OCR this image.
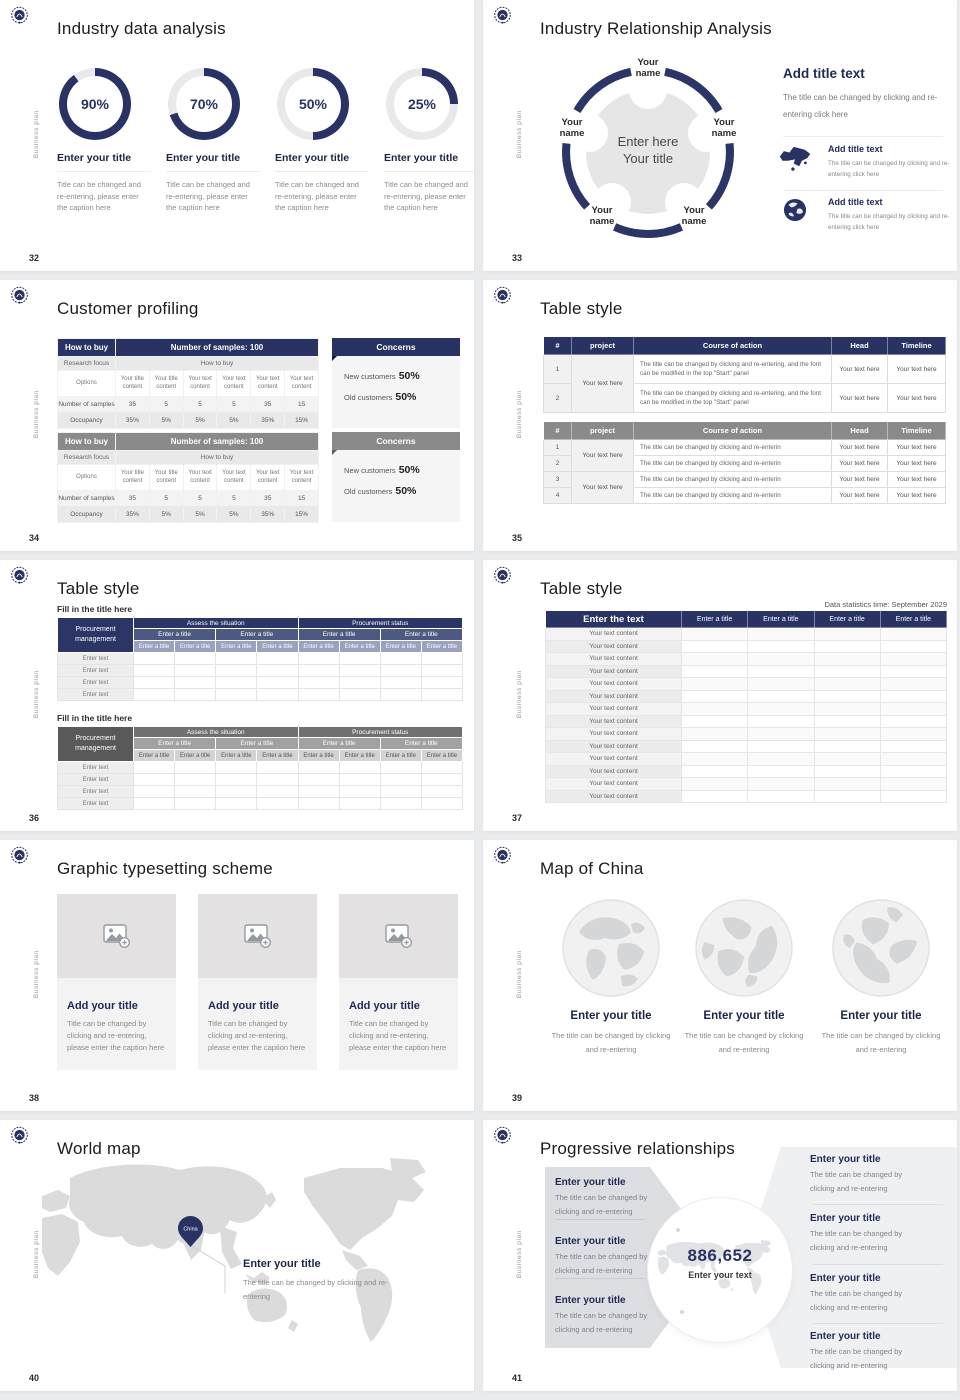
Business plan
Industry data analysis
90%
Enter your title
Title can be changed and re-entering, please enter the caption here
70%
Enter your title
Title can be changed and re-entering, please enter the caption here
50%
Enter your title
Title can be changed and re-entering, please enter the caption here
25%
Enter your title
Title can be changed and re-entering, please enter the caption here
32
Business plan
Industry Relationship Analysis
Enter here
Your title
Your
name
Your
name
Your
name
Your
name
Your
name
Add title text
The title can be changed by clicking and re-entering click here
Add title text
The title can be changed by clicking and re-entering click here
Add title text
The title can be changed by clicking and re-entering click here
33
Business plan
Customer profiling
How to buy	Number of samples: 100					
Research focus	How to buy					
Options	Your title content	Your title content	Your text content	Your text content	Your text content	Your text content
Number of samples	35	5	5	5	35	15
Occupancy	35%	5%	5%	5%	35%	15%
Concerns
New customers 50%
Old customers 50%
How to buy	Number of samples: 100					
Research focus	How to buy					
Options	Your title content	Your title content	Your text content	Your text content	Your text content	Your text content
Number of samples	35	5	5	5	35	15
Occupancy	35%	5%	5%	5%	35%	15%
Concerns
New customers 50%
Old customers 50%
34
Business plan
Table style
#	project	Course of action	Head	Timeline
1	Your text here	The title can be changed by clicking and re-entering, and the font can be modified in the top "Start" panel	Your text here	Your text here
2		The title can be changed by clicking and re-entering, and the font can be modified in the top "Start" panel	Your text here	Your text here
#	project	Course of action	Head	Timeline
1	Your text here	The title can be changed by clicking and re-enterin	Your text here	Your text here
2		The title can be changed by clicking and re-enterin	Your text here	Your text here
3	Your text here	The title can be changed by clicking and re-enterin	Your text here	Your text here
4		The title can be changed by clicking and re-enterin	Your text here	Your text here
35
Business plan
Table style
Fill in the title here
Procurement management	Assess the situation				Procurement status			
	Enter a title		Enter a title		Enter a title		Enter a title	
	Enter a title	Enter a title	Enter a title	Enter a title	Enter a title	Enter a title	Enter a title	Enter a title
Enter text								
Enter text								
Enter text								
Enter text								
Fill in the title here
Procurement management	Assess the situation				Procurement status			
	Enter a title		Enter a title		Enter a title		Enter a title	
	Enter a title	Enter a title	Enter a title	Enter a title	Enter a title	Enter a title	Enter a title	Enter a title
Enter text								
Enter text								
Enter text								
Enter text								
36
Business plan
Table style
Data statistics time: September 2029
Enter the text	Enter a title	Enter a title	Enter a title	Enter a title
Your text content				
Your text content				
Your text content				
Your text content				
Your text content				
Your text content				
Your text content				
Your text content				
Your text content				
Your text content				
Your text content				
Your text content				
Your text content				
Your text content				
37
Business plan
Graphic typesetting scheme
Add your title
Title can be changed by clicking and re-entering, please enter the caption here
Add your title
Title can be changed by clicking and re-entering, please enter the caption here
Add your title
Title can be changed by clicking and re-entering, please enter the caption here
38
Business plan
Map of China
Enter your title
The title can be changed by clicking and re-entering
Enter your title
The title can be changed by clicking and re-entering
Enter your title
The title can be changed by clicking and re-entering
39
Business plan
World map
China
Enter your title
The title can be changed by clicking and re-entering
40
Business plan
Progressive relationships
Enter your title
The title can be changed by clicking and re-entering
Enter your title
The title can be changed by clicking and re-entering
Enter your title
The title can be changed by clicking and re-entering
Enter your title
The title can be changed by clicking and re-entering
Enter your title
The title can be changed by clicking and re-entering
Enter your title
The title can be changed by clicking and re-entering
Enter your title
The title can be changed by clicking and re-entering
886,652
Enter your text
41
